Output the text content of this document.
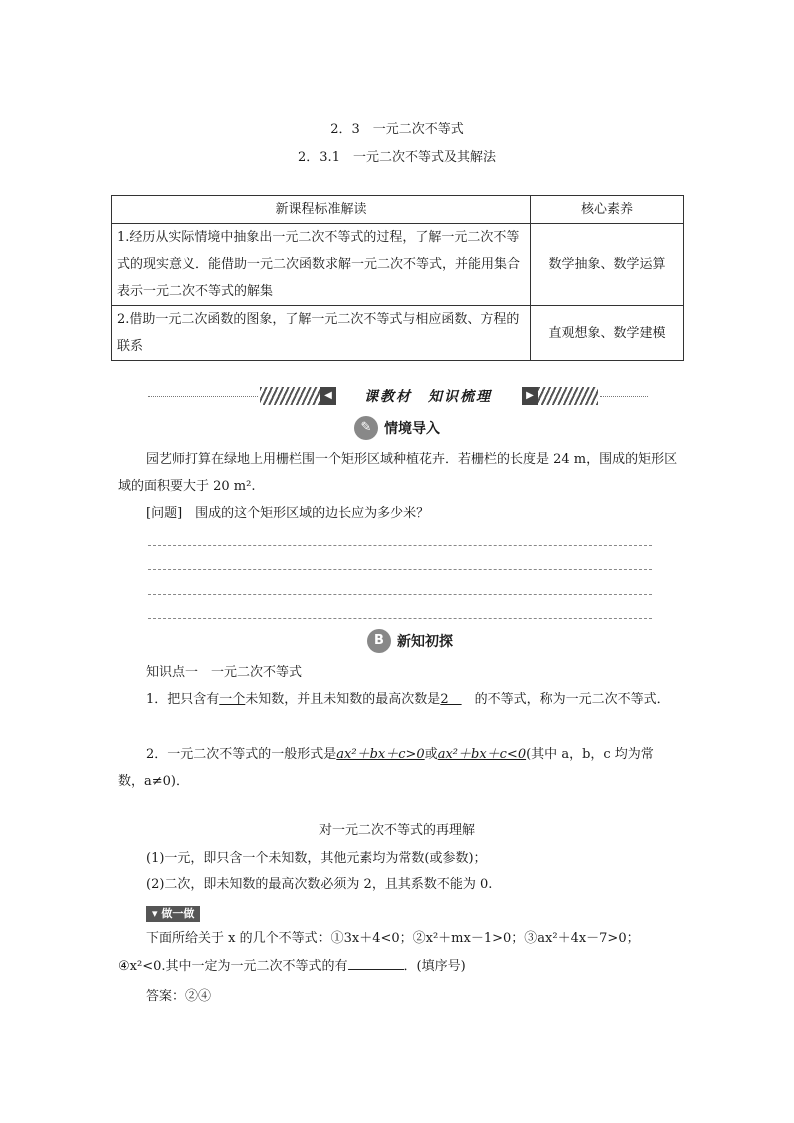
2．3　一元二次不等式
2．3.1　一元二次不等式及其解法
新课程标准解读	核心素养
1.经历从实际情境中抽象出一元二次不等式的过程，了解一元二次不等式的现实意义．能借助一元二次函数求解一元二次不等式，并能用集合表示一元二次不等式的解集	数学抽象、数学运算
2.借助一元二次函数的图象，了解一元二次不等式与相应函数、方程的联系	直观想象、数学建模
◀	课教材　知识梳理	▶
✎ 情境导入
园艺师打算在绿地上用栅栏围一个矩形区域种植花卉．若栅栏的长度是 24 m，围成的矩形区域的面积要大于 20 m².
[问题]　 围成的这个矩形区域的边长应为多少米？
B 新知初探
知识点一　一元二次不等式
1．把只含有一个未知数，并且未知数的最高次数是2　　的不等式，称为一元二次不等式．
2．一元二次不等式的一般形式是ax²＋bx＋c>0或ax²＋bx＋c<0(其中 a，b，c 均为常数，a≠0)．
对一元二次不等式的再理解
(1)一元，即只含一个未知数，其他元素均为常数(或参数)；
(2)二次，即未知数的最高次数必须为 2，且其系数不能为 0.
▾ 做一做
下面所给关于 x 的几个不等式：①3x＋4<0；②x²＋mx－1>0；③ax²＋4x－7>0；
④x²<0.其中一定为一元二次不等式的有	．(填序号)
答案：②④
